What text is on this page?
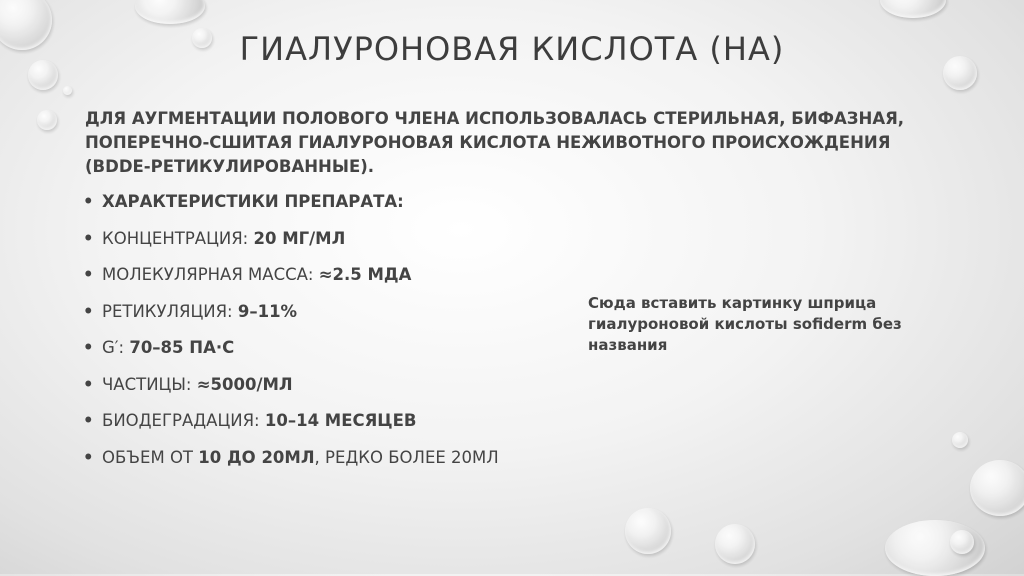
ГИАЛУРОНОВАЯ КИСЛОТА (HA)
ДЛЯ АУГМЕНТАЦИИ ПОЛОВОГО ЧЛЕНА ИСПОЛЬЗОВАЛАСЬ СТЕРИЛЬНАЯ, БИФАЗНАЯ, ПОПЕРЕЧНО-СШИТАЯ ГИАЛУРОНОВАЯ КИСЛОТА НЕЖИВОТНОГО ПРОИСХОЖДЕНИЯ (BDDE-РЕТИКУЛИРОВАННЫЕ).
• ХАРАКТЕРИСТИКИ ПРЕПАРАТА:
• КОНЦЕНТРАЦИЯ: 20 МГ/МЛ
• МОЛЕКУЛЯРНАЯ МАССА: ≈2.5 МДА
• РЕТИКУЛЯЦИЯ: 9–11%
• G′: 70–85 ПА·С
• ЧАСТИЦЫ: ≈5000/МЛ
• БИОДЕГРАДАЦИЯ: 10–14 МЕСЯЦЕВ
• ОБЪЕМ ОТ 10 ДО 20МЛ, РЕДКО БОЛЕЕ 20МЛ
Сюда вставить картинку шприца гиалуроновой кислоты sofiderm без названия
